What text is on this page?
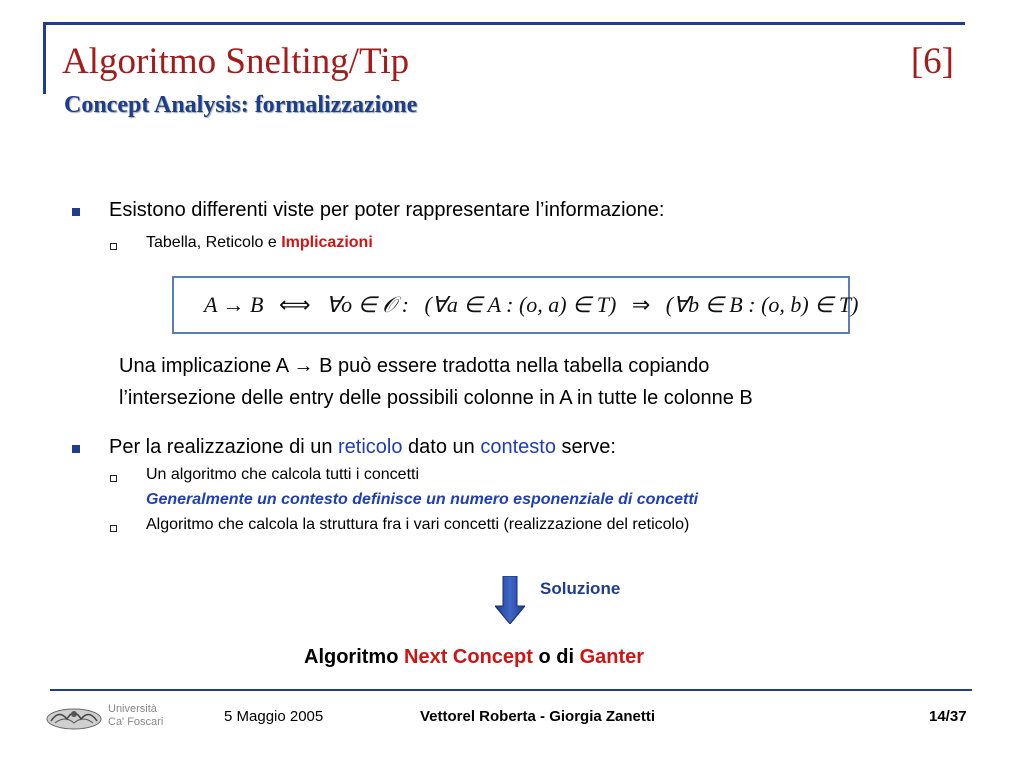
Algoritmo Snelting/Tip	[6]
Concept Analysis: formalizzazione
Esistono differenti viste per poter rappresentare l’informazione:
Tabella, Reticolo e Implicazioni
A → B ⟺ ∀o ∈ 𝒪 : (∀a ∈ A : (o, a) ∈ T) ⇒ (∀b ∈ B : (o, b) ∈ T)
Una implicazione A → B può essere tradotta nella tabella copiando
l’intersezione delle entry delle possibili colonne in A in tutte le colonne B
Per la realizzazione di un reticolo dato un contesto serve:
Un algoritmo che calcola tutti i concetti
Generalmente un contesto definisce un numero esponenziale di concetti
Algoritmo che calcola la struttura fra i vari concetti (realizzazione del reticolo)
Soluzione
Algoritmo Next Concept o di Ganter
Università
Ca' Foscari	5 Maggio 2005	Vettorel Roberta - Giorgia Zanetti	14/37
